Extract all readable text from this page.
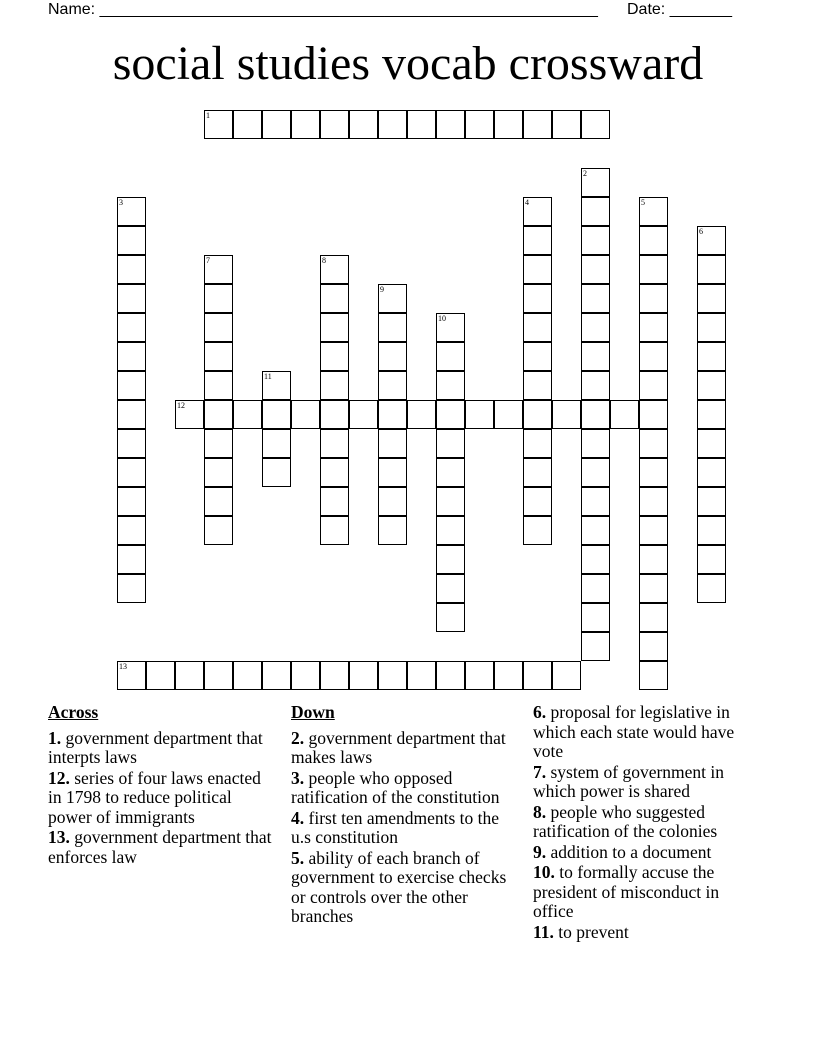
Name: ________________________________________________________ Date: _______
social studies vocab crossward
1
2
3	4	5
6
7	8
9
10
11
12
13
Across
1. government department that interpts laws
12. series of four laws enacted in 1798 to reduce political power of immigrants
13. government department that enforces law
Down
2. government department that makes laws
3. people who opposed ratification of the constitution
4. first ten amendments to the u.s constitution
5. ability of each branch of government to exercise checks or controls over the other branches
6. proposal for legislative in which each state would have vote
7. system of government in which power is shared
8. people who suggested ratification of the colonies
9. addition to a document
10. to formally accuse the president of misconduct in office
11. to prevent
